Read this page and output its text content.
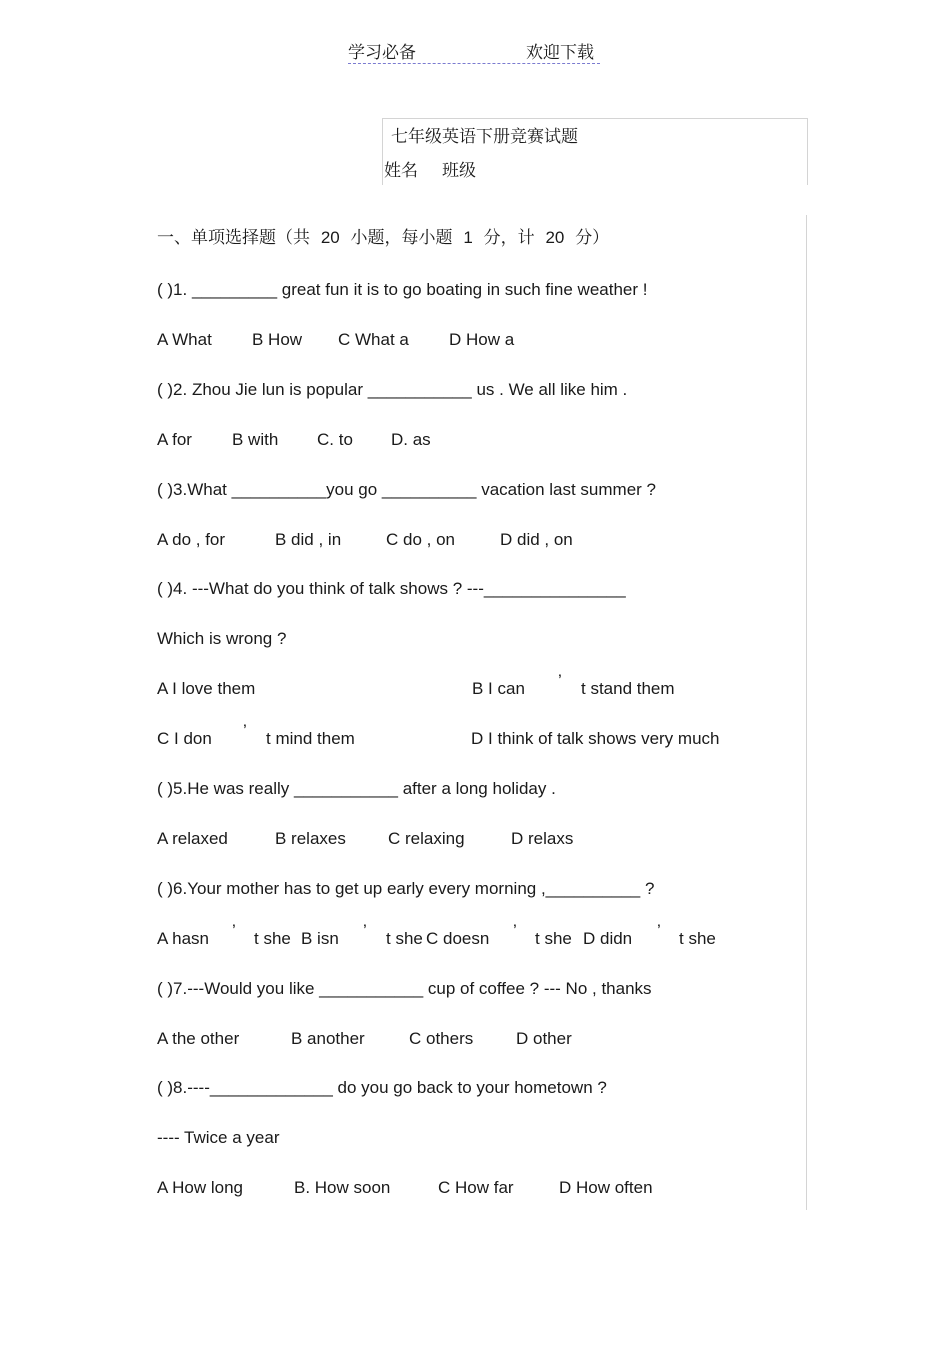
学习必备	欢迎下载
七年级英语下册竞赛试题
姓名 班级
一、单项选择题（共 20 小题，每小题 1 分，计 20 分）
( )1. _________ great fun it is to go boating in such fine weather !
A What B How C What a D How a
( )2. Zhou Jie lun is popular ___________ us . We all like him .
A for B with C. to D. as
( )3.What __________you go __________ vacation last summer ?
A do , for	B did , in	C do , on	D did , on
( )4. ---What do you think of talk shows ? ---_______________
Which is wrong ?
A I love them	B I can ’ t stand them
C I don ’ t mind them	D I think of talk shows very much
( )5.He was really ___________ after a long holiday .
A relaxed	B relaxes C relaxing	D relaxs
( )6.Your mother has to get up early every morning ,__________ ?
A hasn ’ t she B isn ’ t she C doesn ’ t she D didn ’ t she
( )7.---Would you like ___________ cup of coffee ? --- No , thanks
A the other	B another	C others	D other
( )8.----_____________ do you go back to your hometown ?
---- Twice a year
A How long	B. How soon	C How far	D How often
